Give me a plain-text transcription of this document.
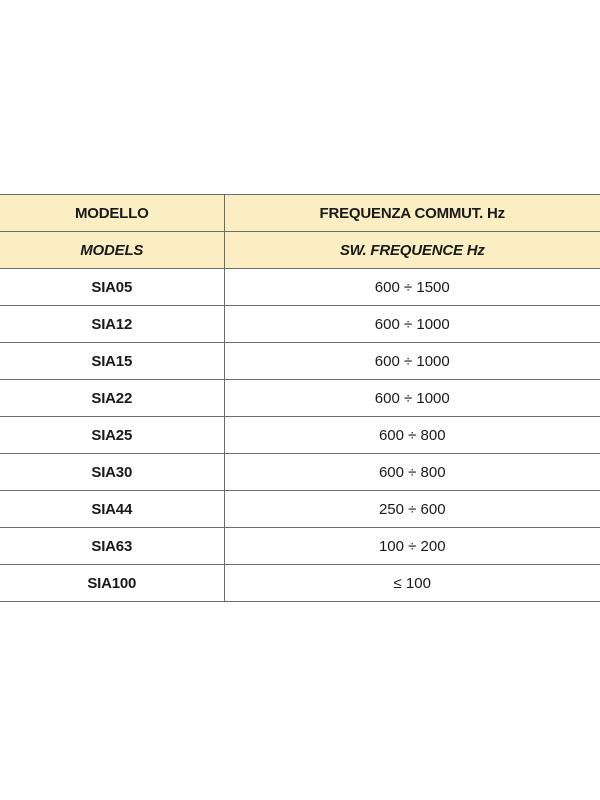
MODELLO	FREQUENZA COMMUT. Hz
MODELS	SW. FREQUENCE Hz
SIA05	600 ÷ 1500
SIA12	600 ÷ 1000
SIA15	600 ÷ 1000
SIA22	600 ÷ 1000
SIA25	600 ÷ 800
SIA30	600 ÷ 800
SIA44	250 ÷ 600
SIA63	100 ÷ 200
SIA100	≤ 100
